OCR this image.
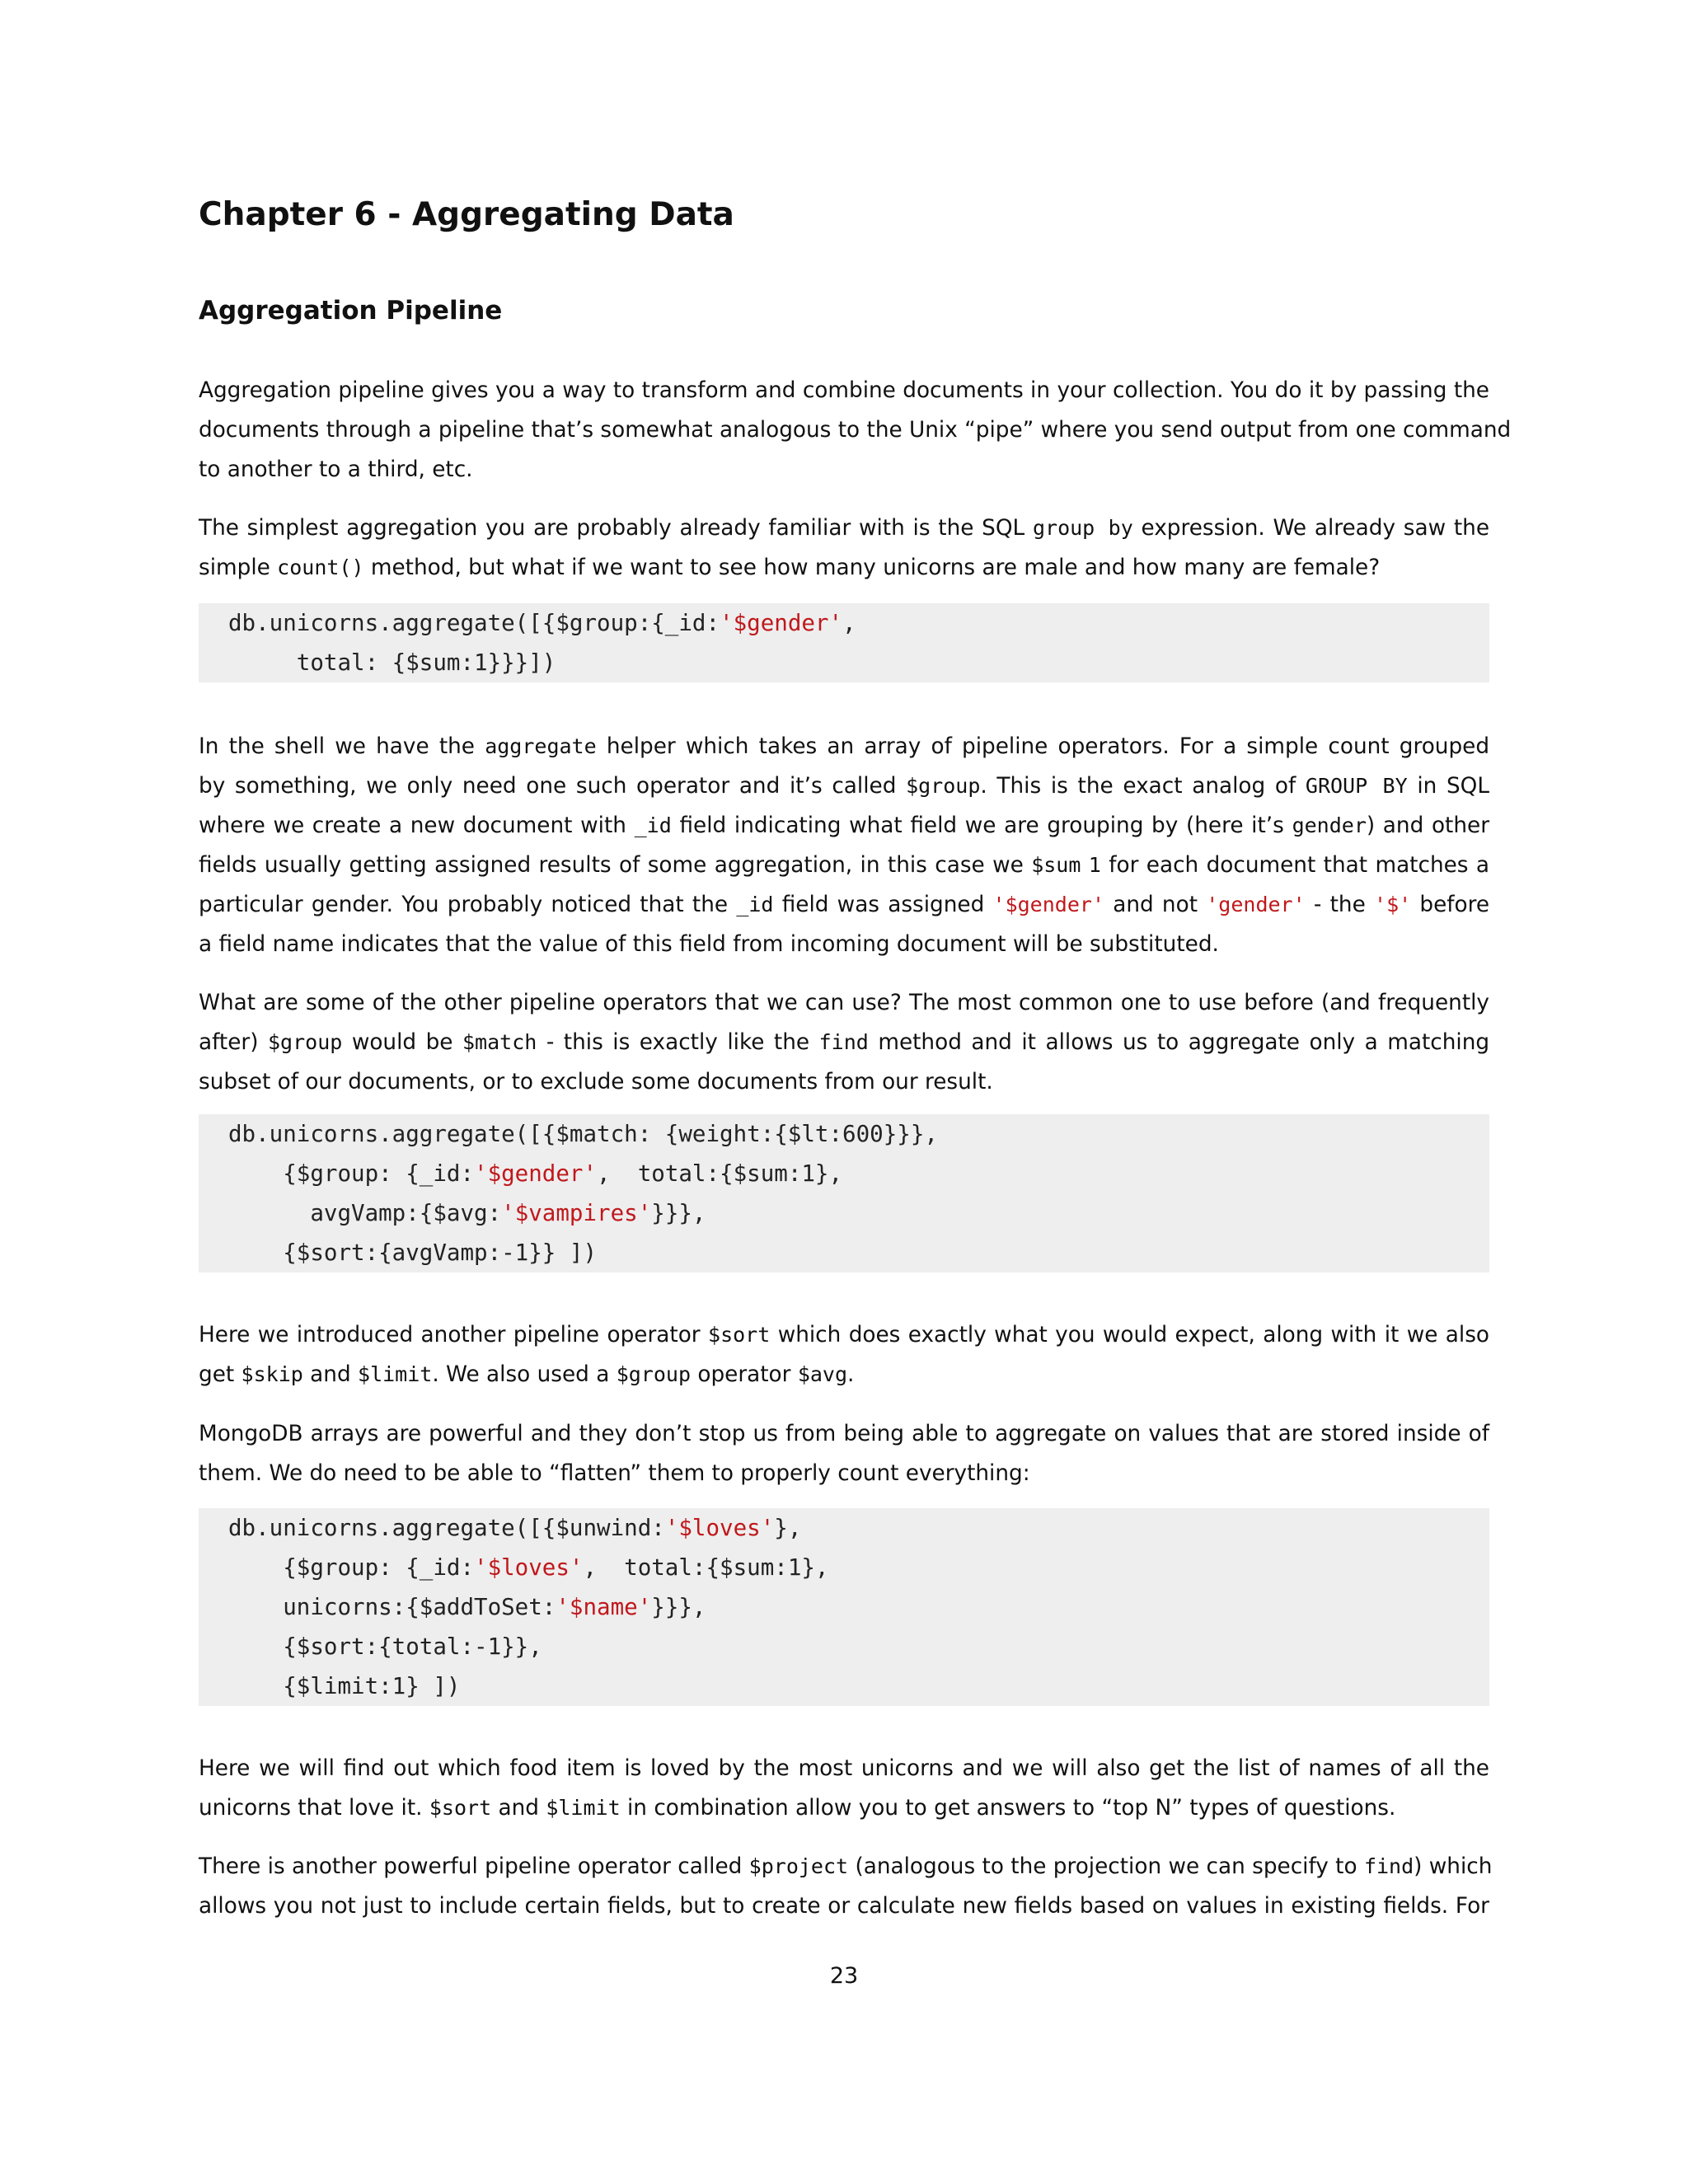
Chapter 6 - Aggregating Data
Aggregation Pipeline

Aggregation pipeline gives you a way to transform and combine documents in your collection. You do it by passing the
documents through a pipeline that’s somewhat analogous to the Unix “pipe” where you send output from one command
to another to a third, etc.

The simplest aggregation you are probably already familiar with is the SQL group by expression. We already saw the
simple count() method, but what if we want to see how many unicorns are male and how many are female?

db.unicorns.aggregate([{$group:{_id:'$gender',
total: {$sum:1}}}])

In the shell we have the aggregate helper which takes an array of pipeline operators. For a simple count grouped
by something, we only need one such operator and it’s called $group. This is the exact analog of GROUP BY in SQL
where we create a new document with _id field indicating what field we are grouping by (here it’s gender) and other
fields usually getting assigned results of some aggregation, in this case we $sum 1 for each document that matches a
particular gender. You probably noticed that the _id field was assigned '$gender' and not 'gender' - the '$' before
a field name indicates that the value of this field from incoming document will be substituted.

What are some of the other pipeline operators that we can use? The most common one to use before (and frequently
after) $group would be $match - this is exactly like the find method and it allows us to aggregate only a matching
subset of our documents, or to exclude some documents from our result.

db.unicorns.aggregate([{$match: {weight:{$lt:600}}},
{$group: {_id:'$gender',  total:{$sum:1},
avgVamp:{$avg:'$vampires'}}},
{$sort:{avgVamp:-1}} ])

Here we introduced another pipeline operator $sort which does exactly what you would expect, along with it we also
get $skip and $limit. We also used a $group operator $avg.

MongoDB arrays are powerful and they don’t stop us from being able to aggregate on values that are stored inside of
them. We do need to be able to “flatten” them to properly count everything:

db.unicorns.aggregate([{$unwind:'$loves'},
{$group: {_id:'$loves',  total:{$sum:1},
unicorns:{$addToSet:'$name'}}},
{$sort:{total:-1}},
{$limit:1} ])

Here we will find out which food item is loved by the most unicorns and we will also get the list of names of all the
unicorns that love it. $sort and $limit in combination allow you to get answers to “top N” types of questions.

There is another powerful pipeline operator called $project (analogous to the projection we can specify to find) which
allows you not just to include certain fields, but to create or calculate new fields based on values in existing fields. For

23
